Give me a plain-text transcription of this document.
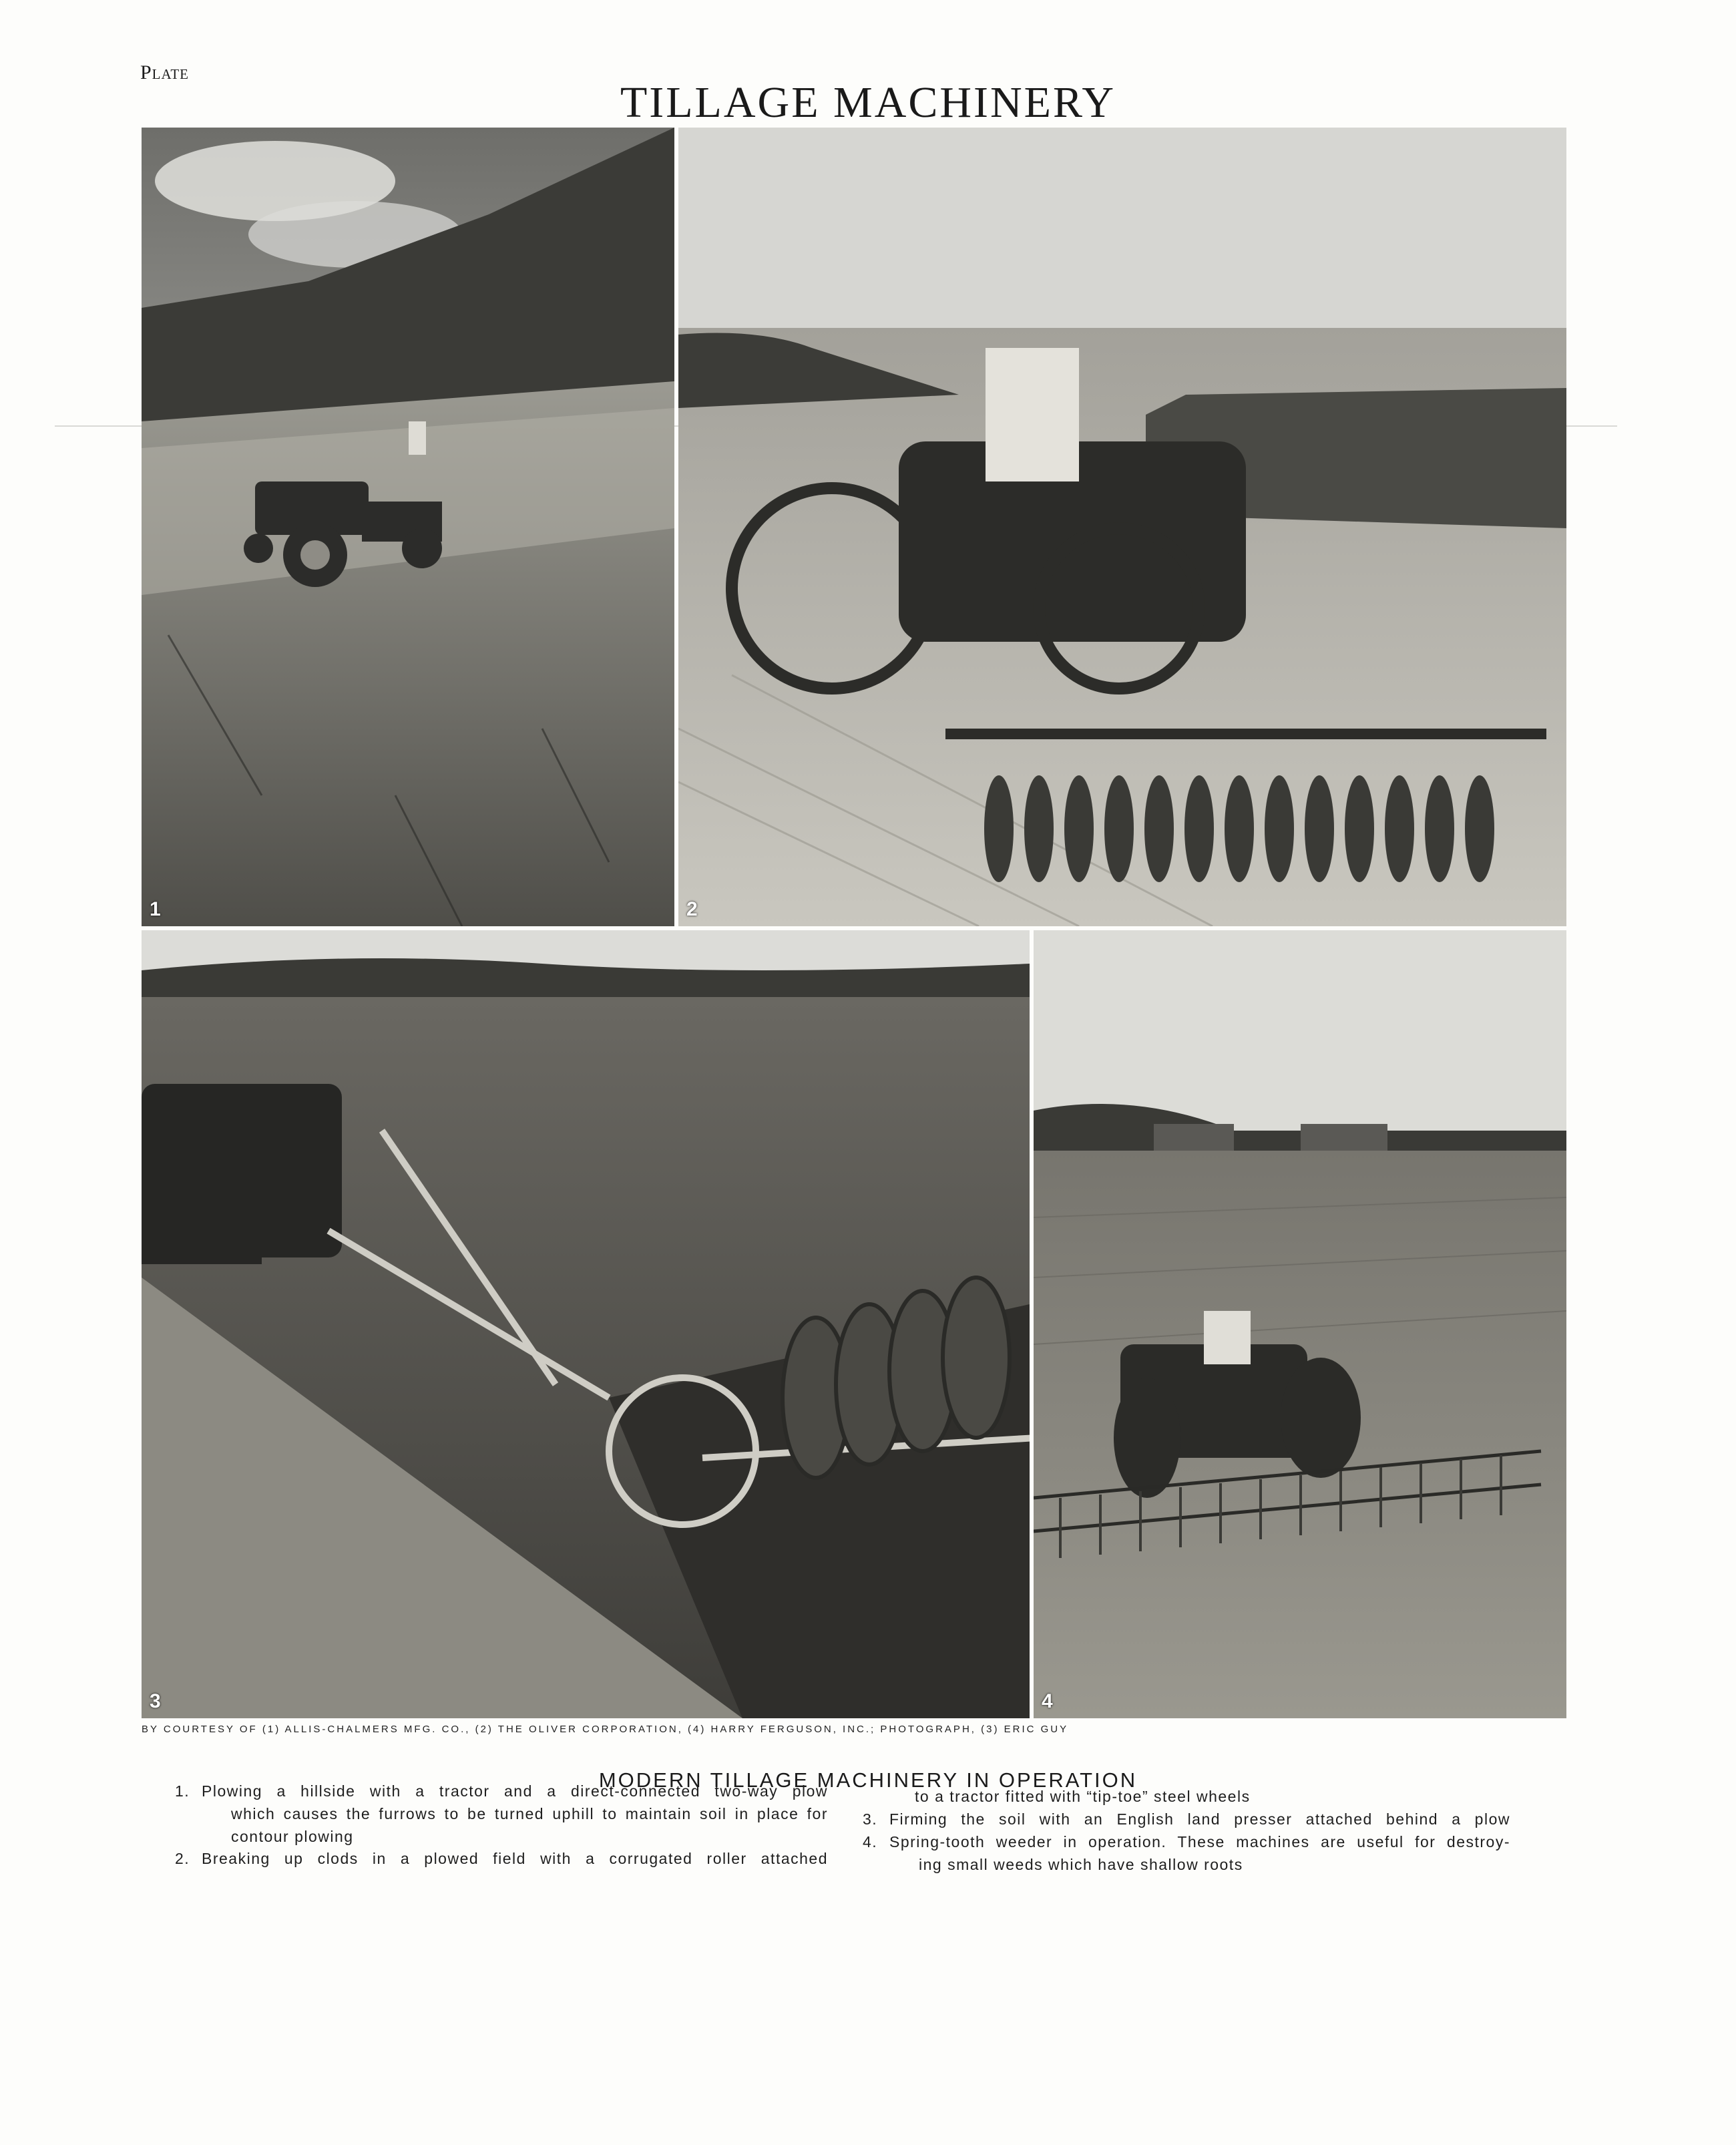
Plate
TILLAGE MACHINERY
1	2
3	4
BY COURTESY OF (1) ALLIS-CHALMERS MFG. CO., (2) THE OLIVER CORPORATION, (4) HARRY FERGUSON, INC.; PHOTOGRAPH, (3) ERIC GUY
MODERN TILLAGE MACHINERY IN OPERATION
1. Plowing a hillside with a tractor and a direct-connected two-way plow
which causes the furrows to be turned uphill to maintain soil in place for contour plowing
2. Breaking up clods in a plowed field with a corrugated roller attached
to a tractor fitted with “tip-toe” steel wheels
3. Firming the soil with an English land presser attached behind a plow
4. Spring-tooth weeder in operation. These machines are useful for destroy-
ing small weeds which have shallow roots
